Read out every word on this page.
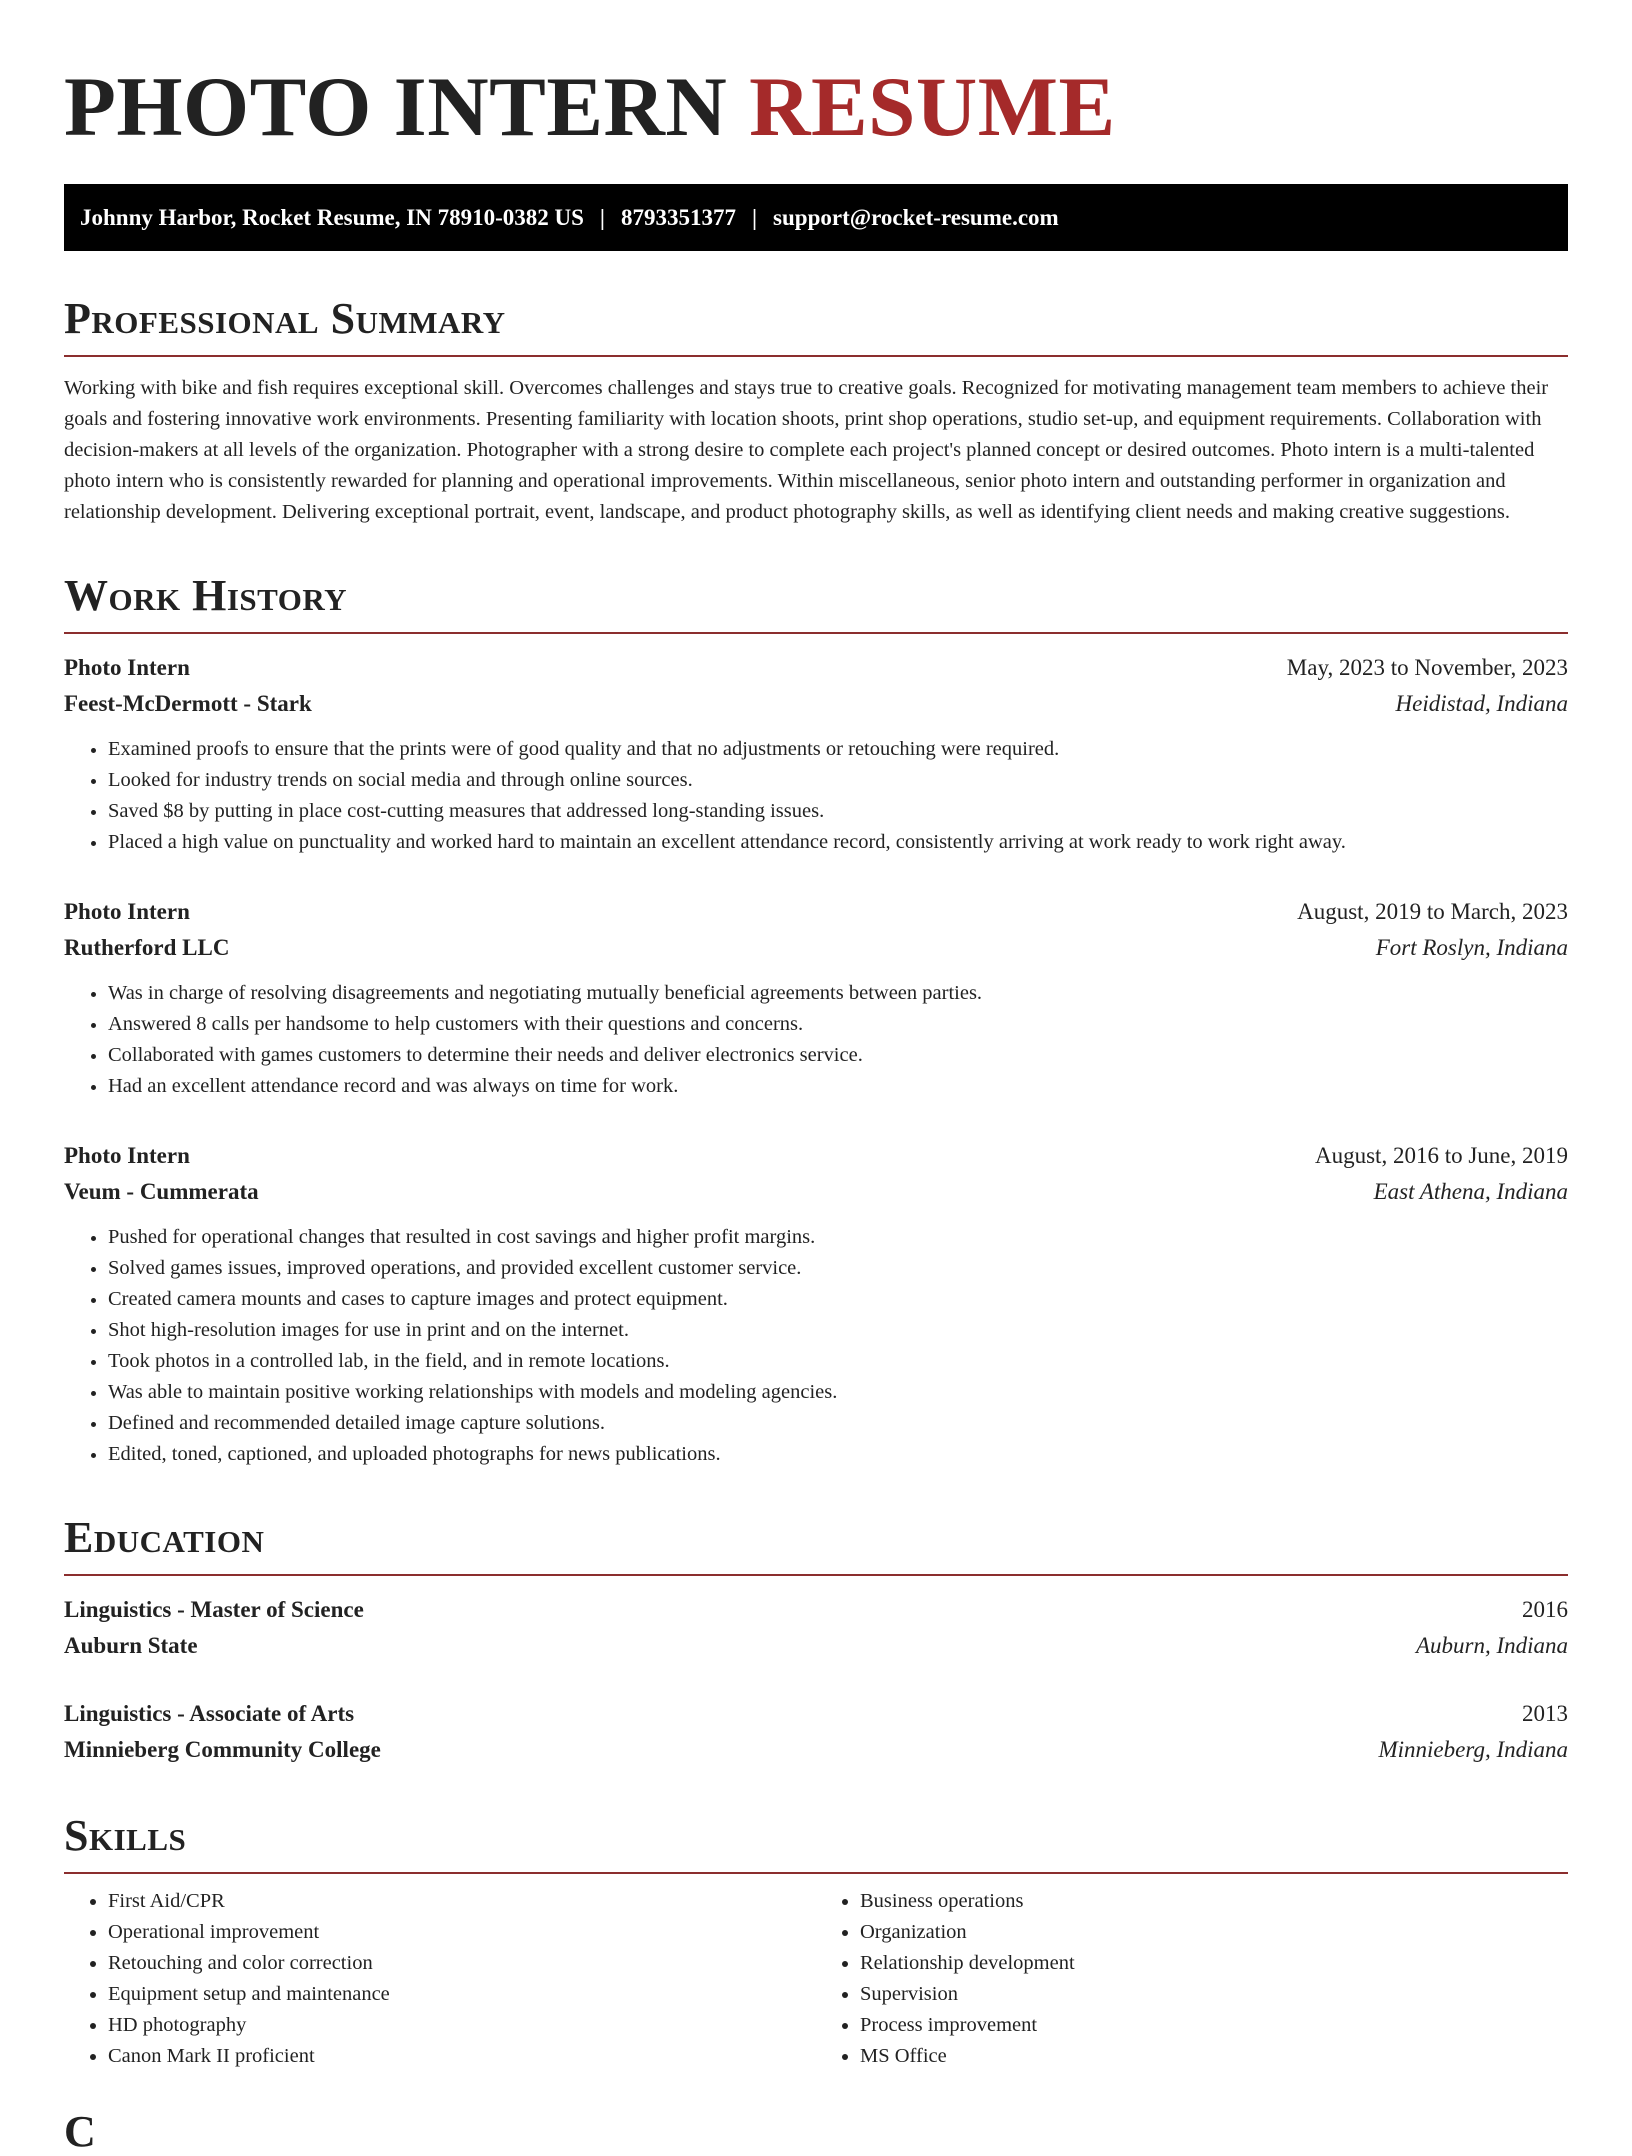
PHOTO INTERN RESUME
Johnny Harbor, Rocket Resume, IN 78910-0382 US | 8793351377 | support@rocket-resume.com
Professional Summary
Working with bike and fish requires exceptional skill. Overcomes challenges and stays true to creative goals. Recognized for motivating management team members to achieve their goals and fostering innovative work environments. Presenting familiarity with location shoots, print shop operations, studio set-up, and equipment requirements. Collaboration with decision-makers at all levels of the organization. Photographer with a strong desire to complete each project's planned concept or desired outcomes. Photo intern is a multi-talented photo intern who is consistently rewarded for planning and operational improvements. Within miscellaneous, senior photo intern and outstanding performer in organization and relationship development. Delivering exceptional portrait, event, landscape, and product photography skills, as well as identifying client needs and making creative suggestions.
Work History
Photo Intern	May, 2023 to November, 2023
Feest-McDermott - Stark	Heidistad, Indiana
• Examined proofs to ensure that the prints were of good quality and that no adjustments or retouching were required.
• Looked for industry trends on social media and through online sources.
• Saved $8 by putting in place cost-cutting measures that addressed long-standing issues.
• Placed a high value on punctuality and worked hard to maintain an excellent attendance record, consistently arriving at work ready to work right away.
Photo Intern	August, 2019 to March, 2023
Rutherford LLC	Fort Roslyn, Indiana
• Was in charge of resolving disagreements and negotiating mutually beneficial agreements between parties.
• Answered 8 calls per handsome to help customers with their questions and concerns.
• Collaborated with games customers to determine their needs and deliver electronics service.
• Had an excellent attendance record and was always on time for work.
Photo Intern	August, 2016 to June, 2019
Veum - Cummerata	East Athena, Indiana
• Pushed for operational changes that resulted in cost savings and higher profit margins.
• Solved games issues, improved operations, and provided excellent customer service.
• Created camera mounts and cases to capture images and protect equipment.
• Shot high-resolution images for use in print and on the internet.
• Took photos in a controlled lab, in the field, and in remote locations.
• Was able to maintain positive working relationships with models and modeling agencies.
• Defined and recommended detailed image capture solutions.
• Edited, toned, captioned, and uploaded photographs for news publications.
Education
Linguistics - Master of Science	2016
Auburn State	Auburn, Indiana
Linguistics - Associate of Arts	2013
Minnieberg Community College	Minnieberg, Indiana
Skills
• First Aid/CPR
• Operational improvement
• Retouching and color correction
• Equipment setup and maintenance
• HD photography
• Canon Mark II proficient
• Business operations
• Organization
• Relationship development
• Supervision
• Process improvement
• MS Office
C
